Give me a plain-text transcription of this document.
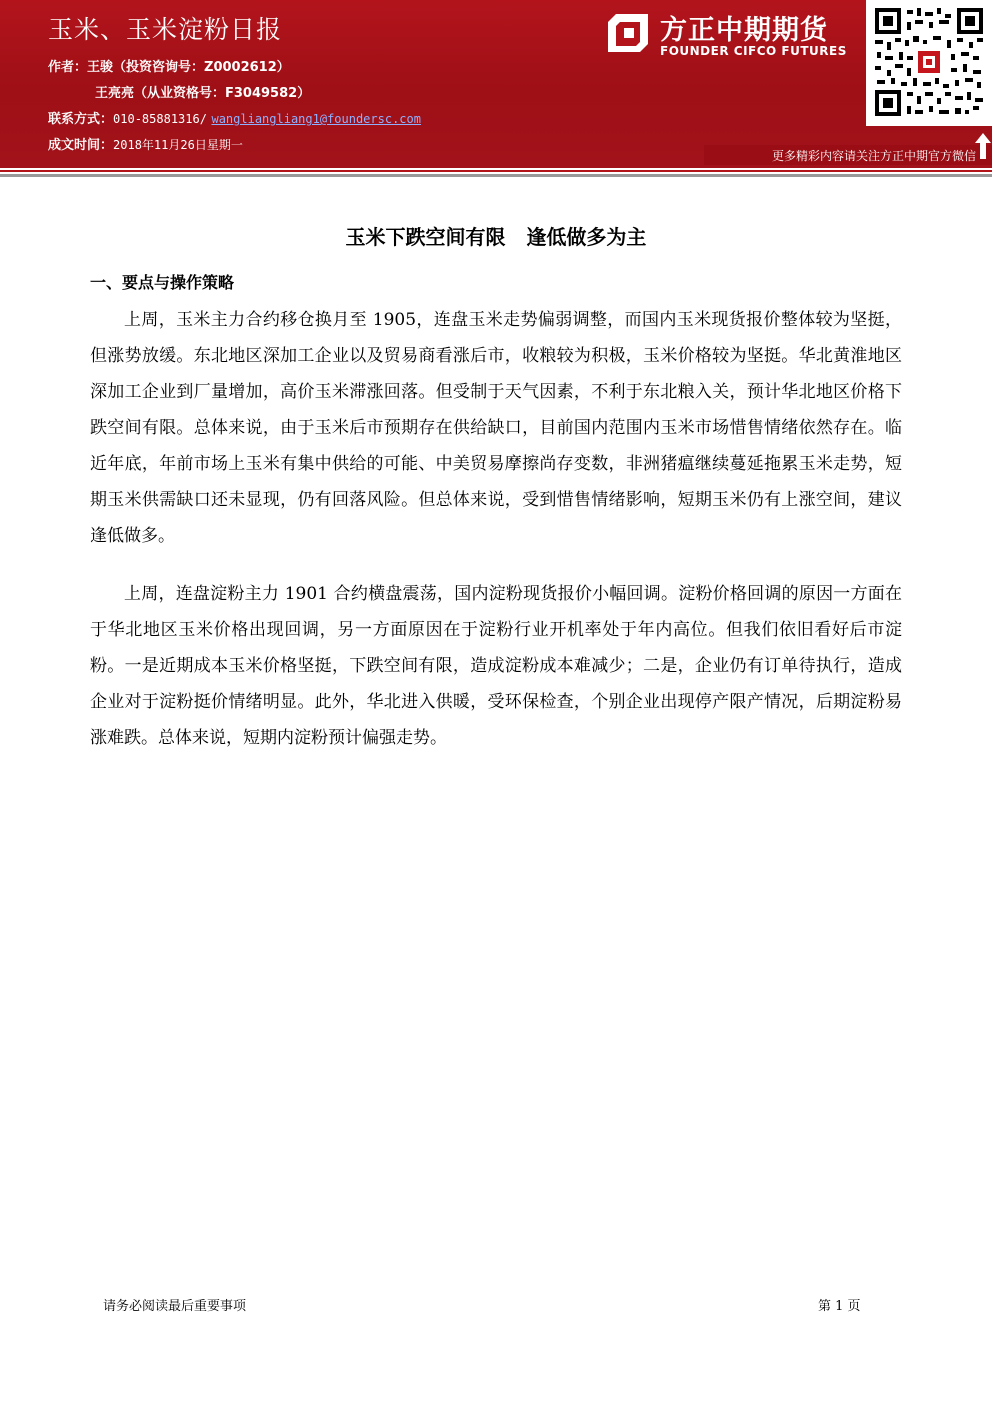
玉米、玉米淀粉日报
作者：王骏（投资咨询号：Z0002612）
王亮亮（从业资格号：F3049582）
联系方式：010-85881316/ wangliangliang1@foundersc.com
成文时间：2018年11月26日星期一
方正中期期货
FOUNDER CIFCO FUTURES
更多精彩内容请关注方正中期官方微信
玉米下跌空间有限   逢低做多为主
一、要点与操作策略
上周，玉米主力合约移仓换月至 1905，连盘玉米走势偏弱调整，而国内玉米现货报价整体较为坚挺，但涨势放缓。东北地区深加工企业以及贸易商看涨后市，收粮较为积极，玉米价格较为坚挺。华北黄淮地区深加工企业到厂量增加，高价玉米滞涨回落。但受制于天气因素，不利于东北粮入关，预计华北地区价格下跌空间有限。总体来说，由于玉米后市预期存在供给缺口，目前国内范围内玉米市场惜售情绪依然存在。临近年底，年前市场上玉米有集中供给的可能、中美贸易摩擦尚存变数，非洲猪瘟继续蔓延拖累玉米走势，短期玉米供需缺口还未显现，仍有回落风险。但总体来说，受到惜售情绪影响，短期玉米仍有上涨空间，建议逢低做多。
上周，连盘淀粉主力 1901 合约横盘震荡，国内淀粉现货报价小幅回调。淀粉价格回调的原因一方面在于华北地区玉米价格出现回调，另一方面原因在于淀粉行业开机率处于年内高位。但我们依旧看好后市淀粉。一是近期成本玉米价格坚挺，下跌空间有限，造成淀粉成本难减少；二是，企业仍有订单待执行，造成企业对于淀粉挺价情绪明显。此外，华北进入供暖，受环保检查，个别企业出现停产限产情况，后期淀粉易涨难跌。总体来说，短期内淀粉预计偏强走势。
请务必阅读最后重要事项	第 1 页
